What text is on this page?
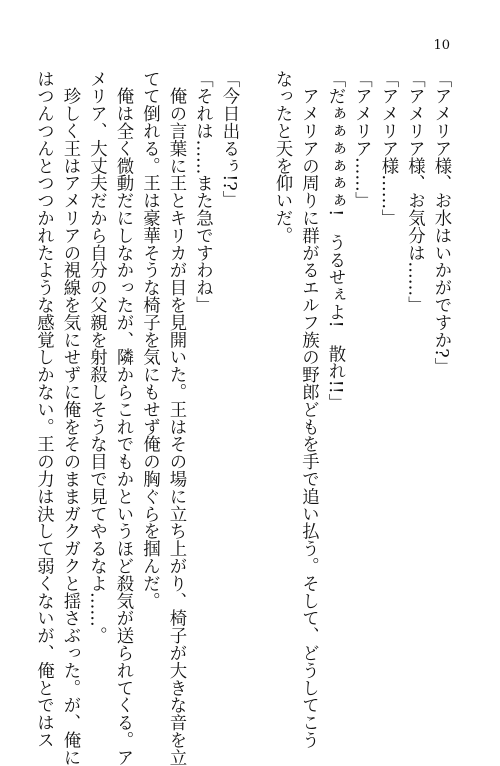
10

「アメリア様、お水はいかがですか?」

「アメリア様、お気分は……」

「アメリア様……」

「アメリア……」

「だぁぁぁぁぁぁ!　うるせぇよ!　散れ!!」

　アメリアの周りに群がるエルフ族の野郎どもを手で追い払う。そして、どうしてこう

なったと天を仰いだ。

「今日出るぅ!?」

「それは……また急ですわね」

　俺の言葉に王とキリカが目を見開いた。王はその場に立ち上がり、椅子が大きな音を立

てて倒れる。王は豪華そうな椅子を気にもせず俺の胸ぐらを掴んだ。

　俺は全く微動だにしなかったが、隣からこれでもかというほど殺気が送られてくる。ア

メリア、大丈夫だから自分の父親を射殺しそうな目で見てやるなよ……。

　珍しく王はアメリアの視線を気にせずに俺をそのままガクガクと揺さぶった。が、俺に

はつんつんとつつかれたような感覚しかない。王の力は決して弱くないが、俺とではス
